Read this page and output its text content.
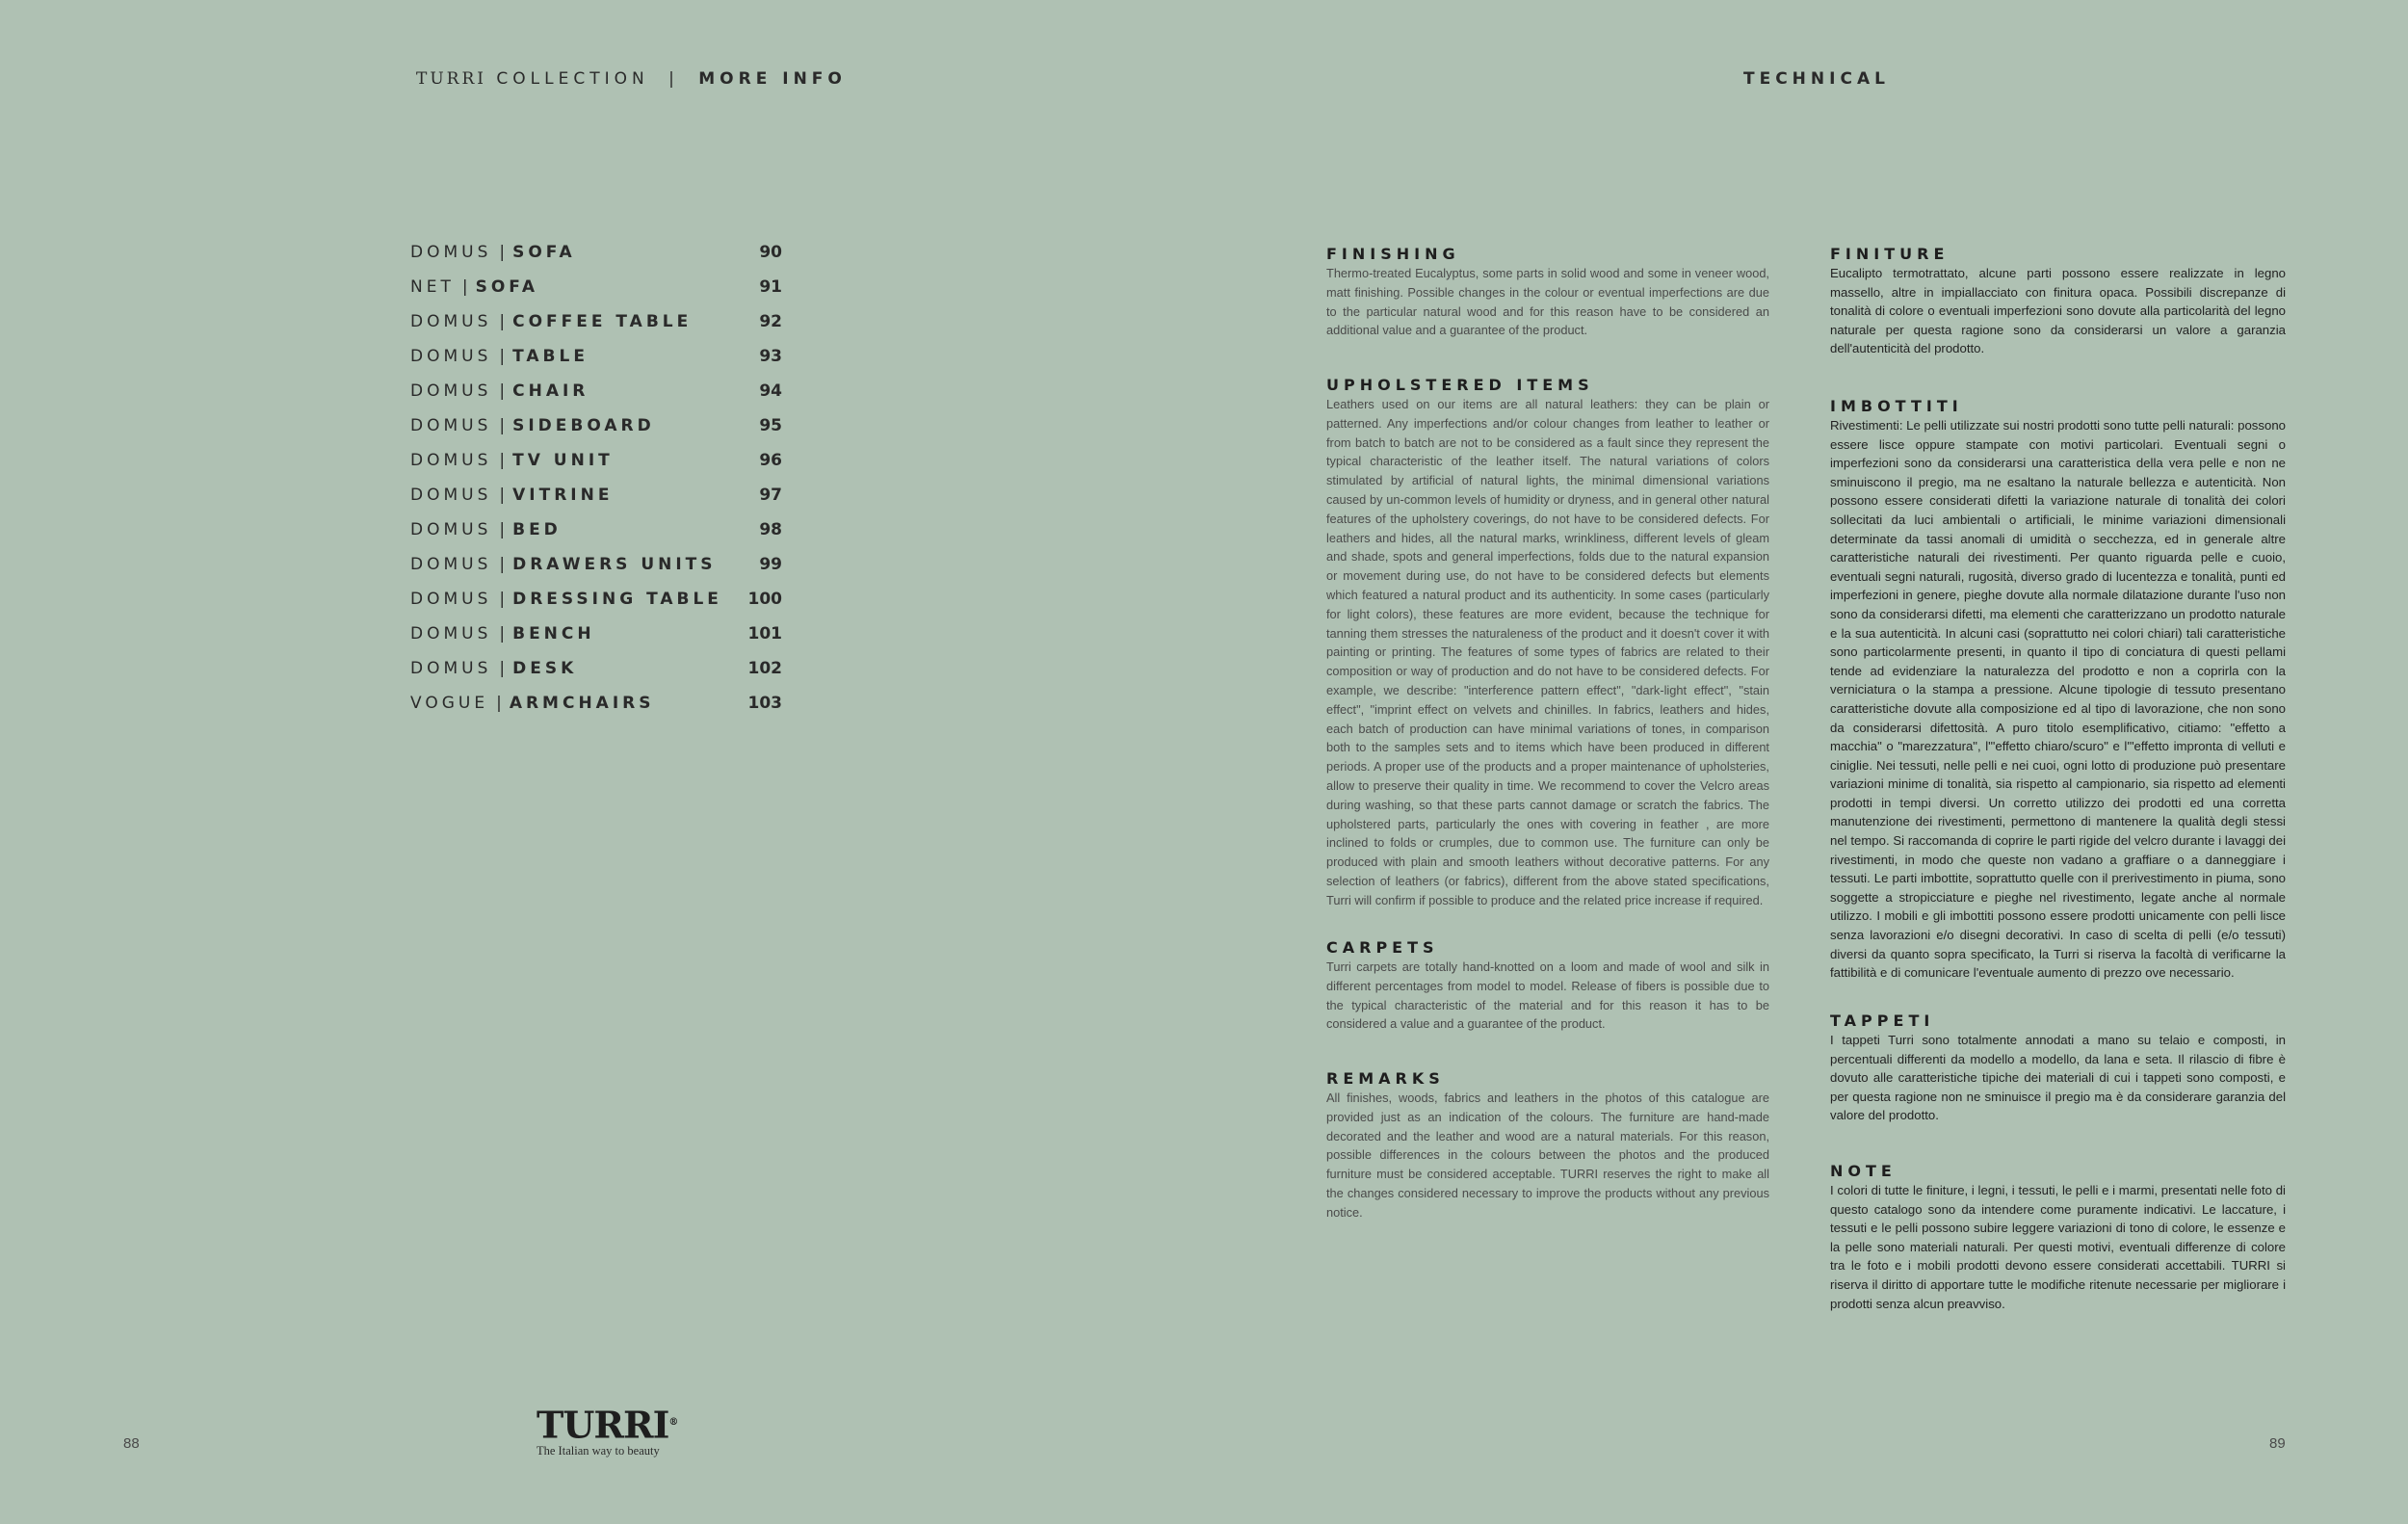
TURRI COLLECTION | MORE INFO	TECHNICAL
DOMUS | SOFA	90
NET | SOFA	91
DOMUS | COFFEE TABLE	92
DOMUS | TABLE	93
DOMUS | CHAIR	94
DOMUS | SIDEBOARD	95
DOMUS | TV UNIT	96
DOMUS | VITRINE	97
DOMUS | BED	98
DOMUS | DRAWERS UNITS	99
DOMUS | DRESSING TABLE 100
DOMUS | BENCH	101
DOMUS | DESK	102
VOGUE | ARMCHAIRS	103
FINISHING

Thermo-treated Eucalyptus, some parts in solid wood and some in veneer wood, matt finishing. Possible changes in the colour or eventual imperfections are due to the particular natural wood and for this reason have to be considered an additional value and a guarantee of the product.

UPHOLSTERED ITEMS

Leathers used on our items are all natural leathers: they can be plain or patterned. Any imperfections and/or colour changes from leather to leather or from batch to batch are not to be considered as a fault since they represent the typical characteristic of the leather itself. The natural variations of colors stimulated by artificial of natural lights, the minimal dimensional variations caused by un-common levels of humidity or dryness, and in general other natural features of the upholstery coverings, do not have to be considered defects. For leathers and hides, all the natural marks, wrinkliness, different levels of gleam and shade, spots and general imperfections, folds due to the natural expansion or movement during use, do not have to be considered defects but elements which featured a natural product and its authenticity. In some cases (particularly for light colors), these features are more evident, because the technique for tanning them stresses the naturaleness of the product and it doesn't cover it with painting or printing. The features of some types of fabrics are related to their composition or way of production and do not have to be considered defects. For example, we describe: "interference pattern effect", "dark-light effect", "stain effect", "imprint effect on velvets and chinilles. In fabrics, leathers and hides, each batch of production can have minimal variations of tones, in comparison both to the samples sets and to items which have been produced in different periods. A proper use of the products and a proper maintenance of upholsteries, allow to preserve their quality in time. We recommend to cover the Velcro areas during washing, so that these parts cannot damage or scratch the fabrics. The upholstered parts, particularly the ones with covering in feather , are more inclined to folds or crumples, due to common use. The furniture can only be produced with plain and smooth leathers without decorative patterns. For any selection of leathers (or fabrics), different from the above stated specifications, Turri will confirm if possible to produce and the related price increase if required.

CARPETS

Turri carpets are totally hand-knotted on a loom and made of wool and silk in different percentages from model to model. Release of fibers is possible due to the typical characteristic of the material and for this reason it has to be considered a value and a guarantee of the product.

REMARKS

All finishes, woods, fabrics and leathers in the photos of this catalogue are provided just as an indication of the colours. The furniture are hand-made decorated and the leather and wood are a natural materials. For this reason, possible differences in the colours between the photos and the produced furniture must be considered acceptable. TURRI reserves the right to make all the changes considered necessary to improve the products without any previous notice.

FINITURE

Eucalipto termotrattato, alcune parti possono essere realizzate in legno massello, altre in impiallacciato con finitura opaca. Possibili discrepanze di tonalità di colore o eventuali imperfezioni sono dovute alla particolarità del legno naturale per questa ragione sono da considerarsi un valore a garanzia dell'autenticità del prodotto.

IMBOTTITI

Rivestimenti: Le pelli utilizzate sui nostri prodotti sono tutte pelli naturali: possono essere lisce oppure stampate con motivi particolari. Eventuali segni o imperfezioni sono da considerarsi una caratteristica della vera pelle e non ne sminuiscono il pregio, ma ne esaltano la naturale bellezza e autenticità. Non possono essere considerati difetti la variazione naturale di tonalità dei colori sollecitati da luci ambientali o artificiali, le minime variazioni dimensionali determinate da tassi anomali di umidità o secchezza, ed in generale altre caratteristiche naturali dei rivestimenti. Per quanto riguarda pelle e cuoio, eventuali segni naturali, rugosità, diverso grado di lucentezza e tonalità, punti ed imperfezioni in genere, pieghe dovute alla normale dilatazione durante l'uso non sono da considerarsi difetti, ma elementi che caratterizzano un prodotto naturale e la sua autenticità. In alcuni casi (soprattutto nei colori chiari) tali caratteristiche sono particolarmente presenti, in quanto il tipo di conciatura di questi pellami tende ad evidenziare la naturalezza del prodotto e non a coprirla con la verniciatura o la stampa a pressione. Alcune tipologie di tessuto presentano caratteristiche dovute alla composizione ed al tipo di lavorazione, che non sono da considerarsi difettosità. A puro titolo esemplificativo, citiamo: "effetto a macchia" o "marezzatura", l'"effetto chiaro/scuro" e l'"effetto impronta di velluti e ciniglie. Nei tessuti, nelle pelli e nei cuoi, ogni lotto di produzione può presentare variazioni minime di tonalità, sia rispetto al campionario, sia rispetto ad elementi prodotti in tempi diversi. Un corretto utilizzo dei prodotti ed una corretta manutenzione dei rivestimenti, permettono di mantenere la qualità degli stessi nel tempo. Si raccomanda di coprire le parti rigide del velcro durante i lavaggi dei rivestimenti, in modo che queste non vadano a graffiare o a danneggiare i tessuti. Le parti imbottite, soprattutto quelle con il prerivestimento in piuma, sono soggette a stropicciature e pieghe nel rivestimento, legate anche al normale utilizzo. I mobili e gli imbottiti possono essere prodotti unicamente con pelli lisce senza lavorazioni e/o disegni decorativi. In caso di scelta di pelli (e/o tessuti) diversi da quanto sopra specificato, la Turri si riserva la facoltà di verificarne la fattibilità e di comunicare l'eventuale aumento di prezzo ove necessario.

TAPPETI

I tappeti Turri sono totalmente annodati a mano su telaio e composti, in percentuali differenti da modello a modello, da lana e seta. Il rilascio di fibre è dovuto alle caratteristiche tipiche dei materiali di cui i tappeti sono composti, e per questa ragione non ne sminuisce il pregio ma è da considerare garanzia del valore del prodotto.

NOTE

I colori di tutte le finiture, i legni, i tessuti, le pelli e i marmi, presentati nelle foto di questo catalogo sono da intendere come puramente indicativi. Le laccature, i tessuti e le pelli possono subire leggere variazioni di tono di colore, le essenze e la pelle sono materiali naturali. Per questi motivi, eventuali differenze di colore tra le foto e i mobili prodotti devono essere considerati accettabili. TURRI si riserva il diritto di apportare tutte le modifiche ritenute necessarie per migliorare i prodotti senza alcun preavviso.

88	89
TURRI®
The Italian way to beauty
